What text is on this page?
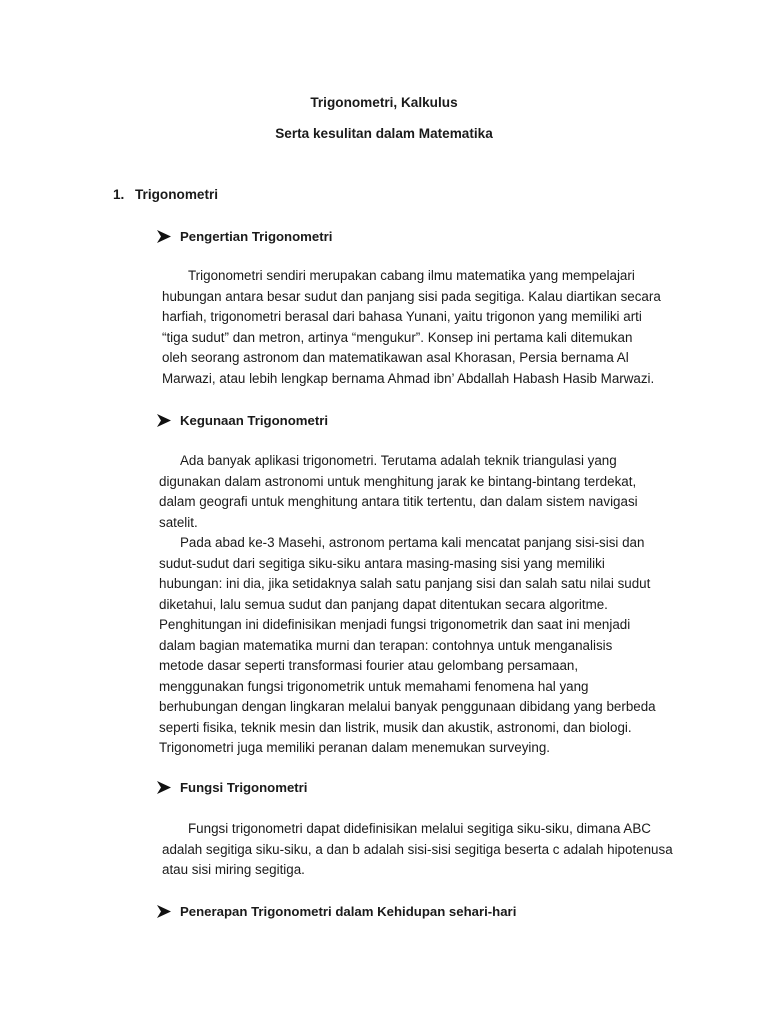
Trigonometri, Kalkulus
Serta kesulitan dalam Matematika
1. Trigonometri
Pengertian Trigonometri
Trigonometri sendiri merupakan cabang ilmu matematika yang mempelajari
hubungan antara besar sudut dan panjang sisi pada segitiga. Kalau diartikan secara
harfiah, trigonometri berasal dari bahasa Yunani, yaitu trigonon yang memiliki arti
“tiga sudut” dan metron, artinya “mengukur”. Konsep ini pertama kali ditemukan
oleh seorang astronom dan matematikawan asal Khorasan, Persia bernama Al
Marwazi, atau lebih lengkap bernama Ahmad ibn’ Abdallah Habash Hasib Marwazi.
Kegunaan Trigonometri
Ada banyak aplikasi trigonometri. Terutama adalah teknik triangulasi yang
digunakan dalam astronomi untuk menghitung jarak ke bintang-bintang terdekat,
dalam geografi untuk menghitung antara titik tertentu, dan dalam sistem navigasi
satelit.
Pada abad ke-3 Masehi, astronom pertama kali mencatat panjang sisi-sisi dan
sudut-sudut dari segitiga siku-siku antara masing-masing sisi yang memiliki
hubungan: ini dia, jika setidaknya salah satu panjang sisi dan salah satu nilai sudut
diketahui, lalu semua sudut dan panjang dapat ditentukan secara algoritme.
Penghitungan ini didefinisikan menjadi fungsi trigonometrik dan saat ini menjadi
dalam bagian matematika murni dan terapan: contohnya untuk menganalisis
metode dasar seperti transformasi fourier atau gelombang persamaan,
menggunakan fungsi trigonometrik untuk memahami fenomena hal yang
berhubungan dengan lingkaran melalui banyak penggunaan dibidang yang berbeda
seperti fisika, teknik mesin dan listrik, musik dan akustik, astronomi, dan biologi.
Trigonometri juga memiliki peranan dalam menemukan surveying.
Fungsi Trigonometri
Fungsi trigonometri dapat didefinisikan melalui segitiga siku-siku, dimana ABC
adalah segitiga siku-siku, a dan b adalah sisi-sisi segitiga beserta c adalah hipotenusa
atau sisi miring segitiga.
Penerapan Trigonometri dalam Kehidupan sehari-hari
